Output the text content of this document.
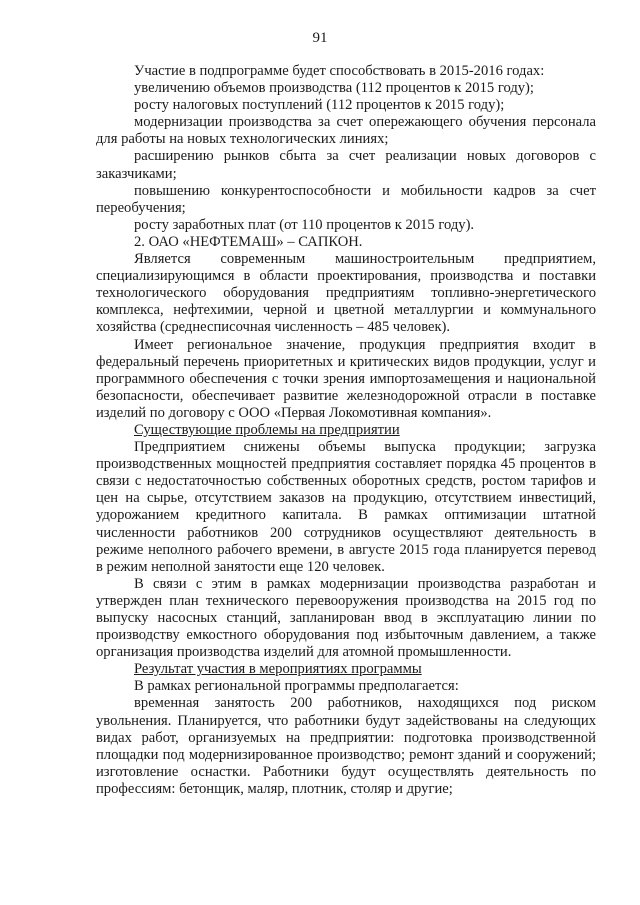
91

Участие в подпрограмме будет способствовать в 2015-2016 годах:

увеличению объемов производства (112 процентов к 2015 году);

росту налоговых поступлений (112 процентов к 2015 году);

модернизации производства за счет опережающего обучения персонала для работы на новых технологических линиях;

расширению рынков сбыта за счет реализации новых договоров с заказчиками;

повышению конкурентоспособности и мобильности кадров за счет переобучения;

росту заработных плат (от 110 процентов к 2015 году).

2. ОАО «НЕФТЕМАШ» – САПКОН.

Является современным машиностроительным предприятием, специализирующимся в области проектирования, производства и поставки технологического оборудования предприятиям топливно-энергетического комплекса, нефтехимии, черной и цветной металлургии и коммунального хозяйства (среднесписочная численность – 485 человек).

Имеет региональное значение, продукция предприятия входит в федеральный перечень приоритетных и критических видов продукции, услуг и программного обеспечения с точки зрения импортозамещения и национальной безопасности, обеспечивает развитие железнодорожной отрасли в поставке изделий по договору с ООО «Первая Локомотивная компания».

Существующие проблемы на предприятии

Предприятием снижены объемы выпуска продукции; загрузка производственных мощностей предприятия составляет порядка 45 процентов в связи с недостаточностью собственных оборотных средств, ростом тарифов и цен на сырье, отсутствием заказов на продукцию, отсутствием инвестиций, удорожанием кредитного капитала. В рамках оптимизации штатной численности работников 200 сотрудников осуществляют деятельность в режиме неполного рабочего времени, в августе 2015 года планируется перевод в режим неполной занятости еще 120 человек.

В связи с этим в рамках модернизации производства разработан и утвержден план технического перевооружения производства на 2015 год по выпуску насосных станций, запланирован ввод в эксплуатацию линии по производству емкостного оборудования под избыточным давлением, а также организация производства изделий для атомной промышленности.

Результат участия в мероприятиях программы

В рамках региональной программы предполагается:

временная занятость 200 работников, находящихся под риском увольнения. Планируется, что работники будут задействованы на следующих видах работ, организуемых на предприятии: подготовка производственной площадки под модернизированное производство; ремонт зданий и сооружений; изготовление оснастки. Работники будут осуществлять деятельность по профессиям: бетонщик, маляр, плотник, столяр и другие;
